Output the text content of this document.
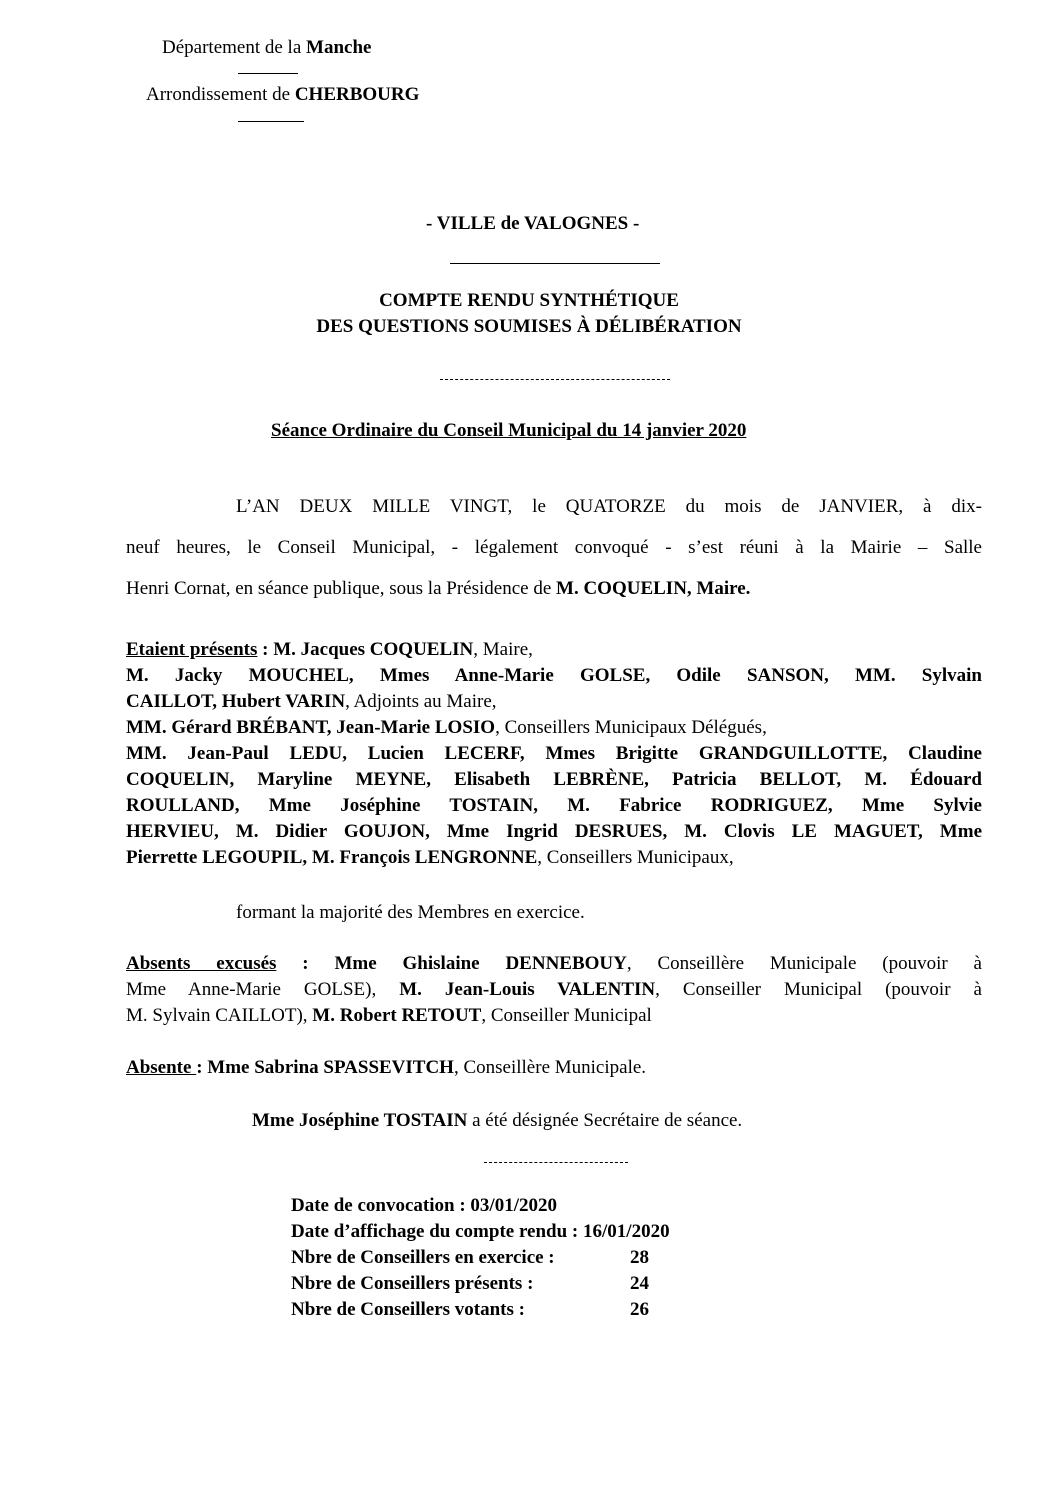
Département de la Manche
Arrondissement de CHERBOURG
- VILLE de VALOGNES -
COMPTE RENDU SYNTHÉTIQUE
DES QUESTIONS SOUMISES À DÉLIBÉRATION
Séance Ordinaire du Conseil Municipal du 14 janvier 2020
L’AN DEUX MILLE VINGT, le QUATORZE du mois de JANVIER, à dix-
neuf heures, le Conseil Municipal, - légalement convoqué - s’est réuni à la Mairie – Salle
Henri Cornat, en séance publique, sous la Présidence de M. COQUELIN, Maire.
Etaient présents : M. Jacques COQUELIN, Maire,
M. Jacky MOUCHEL, Mmes Anne-Marie GOLSE, Odile SANSON, MM. Sylvain
CAILLOT, Hubert VARIN, Adjoints au Maire,
MM. Gérard BRÉBANT, Jean-Marie LOSIO, Conseillers Municipaux Délégués,
MM. Jean-Paul LEDU, Lucien LECERF, Mmes Brigitte GRANDGUILLOTTE, Claudine
COQUELIN, Maryline MEYNE, Elisabeth LEBRÈNE, Patricia BELLOT, M. Édouard
ROULLAND, Mme Joséphine TOSTAIN, M. Fabrice RODRIGUEZ, Mme Sylvie
HERVIEU, M. Didier GOUJON, Mme Ingrid DESRUES, M. Clovis LE MAGUET, Mme
Pierrette LEGOUPIL, M. François LENGRONNE, Conseillers Municipaux,
formant la majorité des Membres en exercice.
Absents excusés : Mme Ghislaine DENNEBOUY, Conseillère Municipale (pouvoir à
Mme Anne-Marie GOLSE), M. Jean-Louis VALENTIN, Conseiller Municipal (pouvoir à
M. Sylvain CAILLOT), M. Robert RETOUT, Conseiller Municipal
Absente : Mme Sabrina SPASSEVITCH, Conseillère Municipale.
Mme Joséphine TOSTAIN a été désignée Secrétaire de séance.
Date de convocation : 03/01/2020
Date d’affichage du compte rendu : 16/01/2020
Nbre de Conseillers en exercice :	28
Nbre de Conseillers présents :	24
Nbre de Conseillers votants :	26
